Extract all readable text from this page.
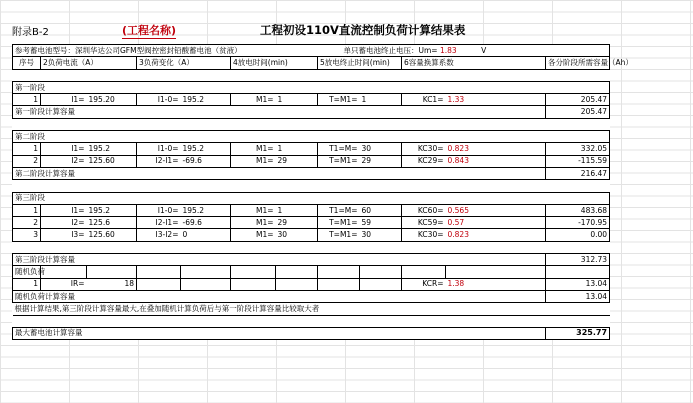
附录B-2	(工程名称)	工程初设110V直流控制负荷计算结果表
参考蓄电池型号：深圳华达公司GFM型阀控密封铅酸蓄电池（贫液）							单只蓄电池终止电压：Um= 1.83 V				
序号	2负荷电流（A）		3负荷变化（A）		4放电时间(min)		5放电终止时间(min)		6容量换算系数		各分阶段所需容量（Ah）

第一阶段											
1	I1=	195.20	I1-0=	195.2	M1=	1	T=M1=	1	KC1=	1.33	205.47
第一阶段计算容量											205.47

第二阶段											
1	I1=	195.2	I1-0=	195.2	M1=	1	T1=M=	30	KC30=	0.823	332.05
2	I2=	125.60	I2-I1=	-69.6	M1=	29	T=M1=	29	KC29=	0.843	-115.59
第二阶段计算容量											216.47

第三阶段											
1	I1=	195.2	I1-0=	195.2	M1=	1	T1=M=	60	KC60=	0.565	483.68
2	I2=	125.6	I2-I1=	-69.6	M1=	29	T=M1=	59	KC59=	0.57	-170.95
3	I3=	125.60	I3-I2=	0	M1=	30	T=M1=	30	KC30=	0.823	0.00

第三阶段计算容量											312.73
随机负荷											
1	IR=	18							KCR=	1.38	13.04
随机负荷计算容量											13.04
根据计算结果,第三阶段计算容量最大,在叠加随机计算负荷后与第一阶段计算容量比较取大者											

最大蓄电池计算容量											325.77
